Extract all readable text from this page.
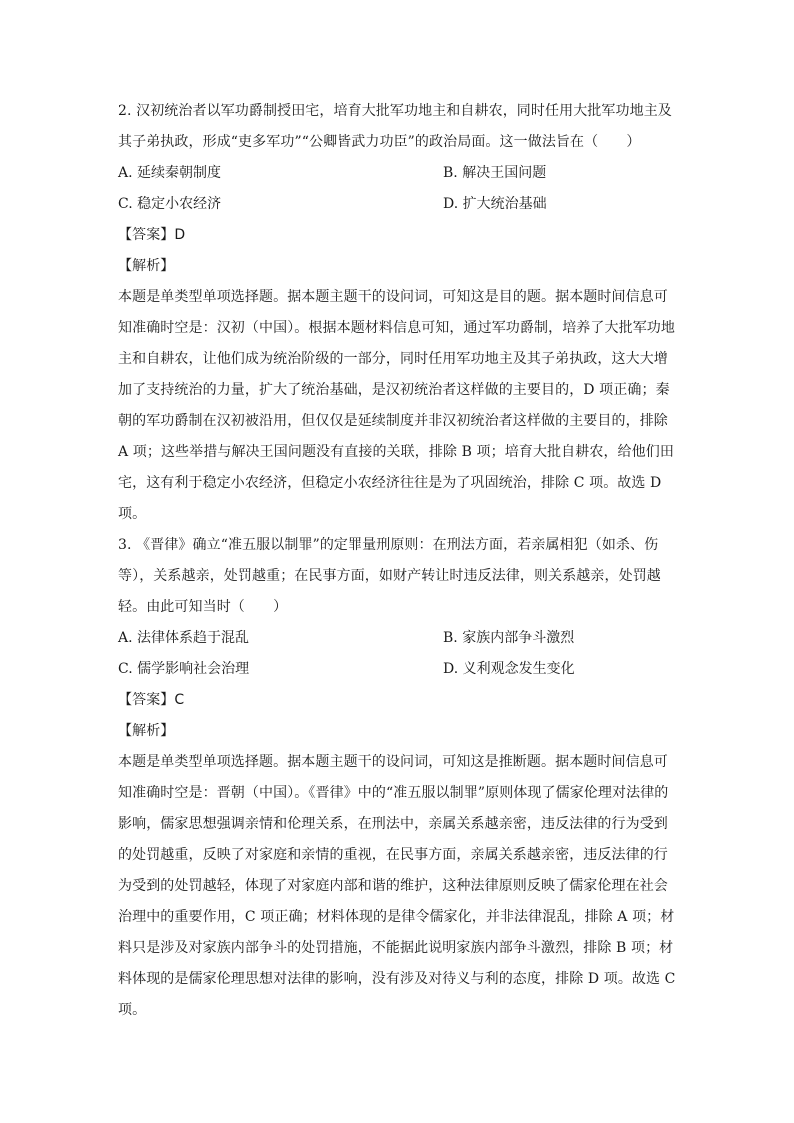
2. 汉初统治者以军功爵制授田宅，培育大批军功地主和自耕农，同时任用大批军功地主及
其子弟执政，形成“吏多军功”“公卿皆武力功臣”的政治局面。这一做法旨在（　　）
A. 延续秦朝制度	B. 解决王国问题
C. 稳定小农经济	D. 扩大统治基础
【答案】D
【解析】
本题是单类型单项选择题。据本题主题干的设问词，可知这是目的题。据本题时间信息可
知准确时空是：汉初（中国）。根据本题材料信息可知，通过军功爵制，培养了大批军功地
主和自耕农，让他们成为统治阶级的一部分，同时任用军功地主及其子弟执政，这大大增
加了支持统治的力量，扩大了统治基础，是汉初统治者这样做的主要目的，D 项正确；秦
朝的军功爵制在汉初被沿用，但仅仅是延续制度并非汉初统治者这样做的主要目的，排除
A 项；这些举措与解决王国问题没有直接的关联，排除 B 项；培育大批自耕农，给他们田
宅，这有利于稳定小农经济，但稳定小农经济往往是为了巩固统治，排除 C 项。故选 D
项。
3. 《晋律》确立“准五服以制罪”的定罪量刑原则：在刑法方面，若亲属相犯（如杀、伤
等），关系越亲，处罚越重；在民事方面，如财产转让时违反法律，则关系越亲，处罚越
轻。由此可知当时（　　）
A. 法律体系趋于混乱	B. 家族内部争斗激烈
C. 儒学影响社会治理	D. 义利观念发生变化
【答案】C
【解析】
本题是单类型单项选择题。据本题主题干的设问词，可知这是推断题。据本题时间信息可
知准确时空是：晋朝（中国）。《晋律》中的“准五服以制罪”原则体现了儒家伦理对法律的
影响，儒家思想强调亲情和伦理关系，在刑法中，亲属关系越亲密，违反法律的行为受到
的处罚越重，反映了对家庭和亲情的重视，在民事方面，亲属关系越亲密，违反法律的行
为受到的处罚越轻，体现了对家庭内部和谐的维护，这种法律原则反映了儒家伦理在社会
治理中的重要作用，C 项正确；材料体现的是律令儒家化，并非法律混乱，排除 A 项；材
料只是涉及对家族内部争斗的处罚措施，不能据此说明家族内部争斗激烈，排除 B 项；材
料体现的是儒家伦理思想对法律的影响，没有涉及对待义与利的态度，排除 D 项。故选 C
项。
